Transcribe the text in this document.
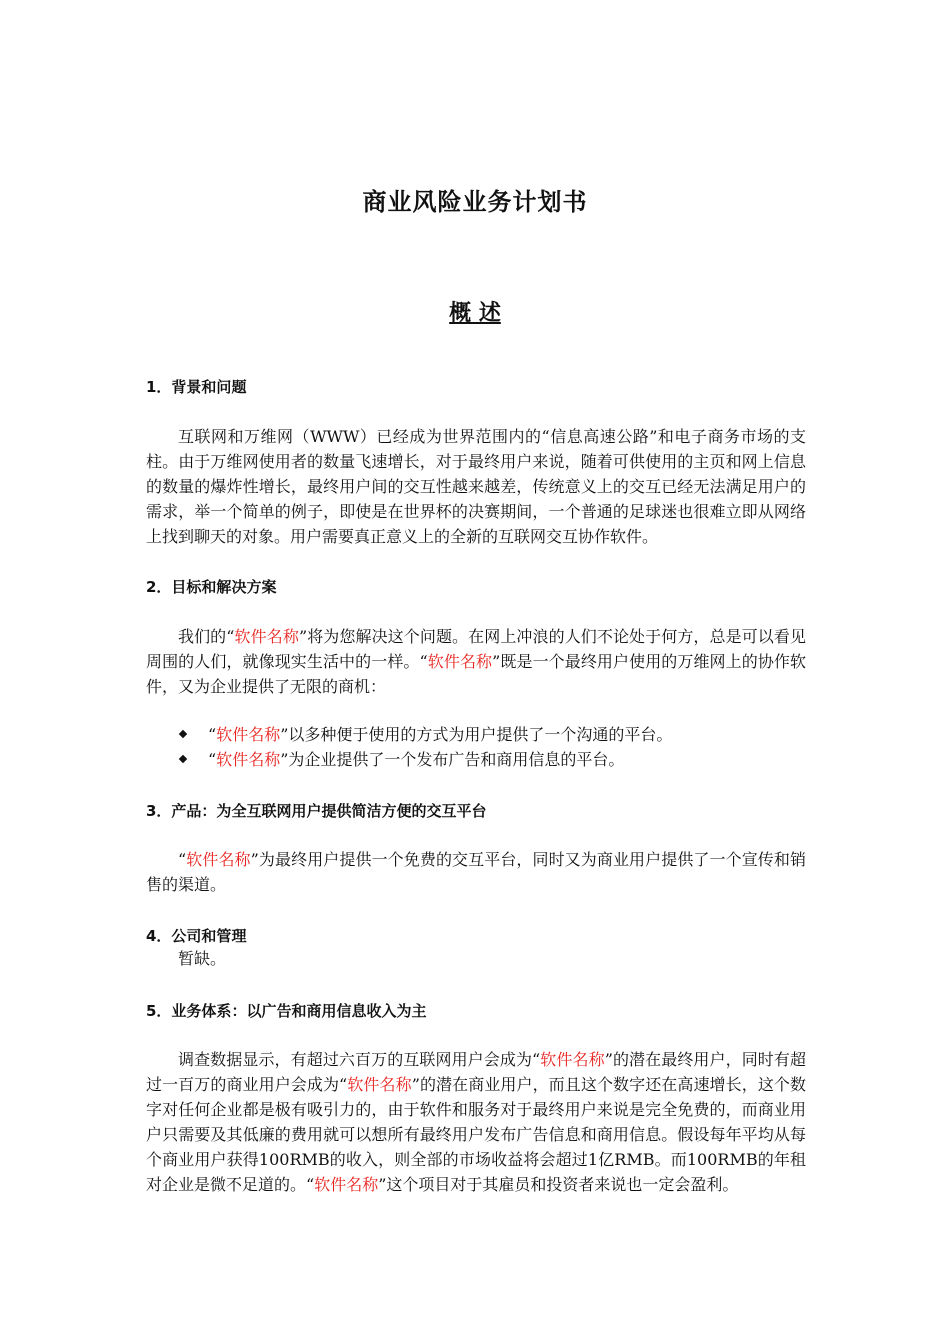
商业风险业务计划书
概 述
1．背景和问题

互联网和万维网（WWW）已经成为世界范围内的“信息高速公路”和电子商务市场的支柱。由于万维网使用者的数量飞速增长，对于最终用户来说，随着可供使用的主页和网上信息的数量的爆炸性增长，最终用户间的交互性越来越差，传统意义上的交互已经无法满足用户的需求，举一个简单的例子，即使是在世界杯的决赛期间，一个普通的足球迷也很难立即从网络上找到聊天的对象。用户需要真正意义上的全新的互联网交互协作软件。

2．目标和解决方案

我们的“软件名称”将为您解决这个问题。在网上冲浪的人们不论处于何方，总是可以看见周围的人们，就像现实生活中的一样。“软件名称”既是一个最终用户使用的万维网上的协作软件，又为企业提供了无限的商机：

“软件名称”以多种便于使用的方式为用户提供了一个沟通的平台。
“软件名称”为企业提供了一个发布广告和商用信息的平台。
3．产品：为全互联网用户提供简洁方便的交互平台

“软件名称”为最终用户提供一个免费的交互平台，同时又为商业用户提供了一个宣传和销售的渠道。

4．公司和管理

暂缺。

5．业务体系：以广告和商用信息收入为主

调查数据显示，有超过六百万的互联网用户会成为“软件名称”的潜在最终用户，同时有超过一百万的商业用户会成为“软件名称”的潜在商业用户，而且这个数字还在高速增长，这个数字对任何企业都是极有吸引力的，由于软件和服务对于最终用户来说是完全免费的，而商业用户只需要及其低廉的费用就可以想所有最终用户发布广告信息和商用信息。假设每年平均从每个商业用户获得100RMB的收入，则全部的市场收益将会超过1亿RMB。而100RMB的年租对企业是微不足道的。“软件名称”这个项目对于其雇员和投资者来说也一定会盈利。
